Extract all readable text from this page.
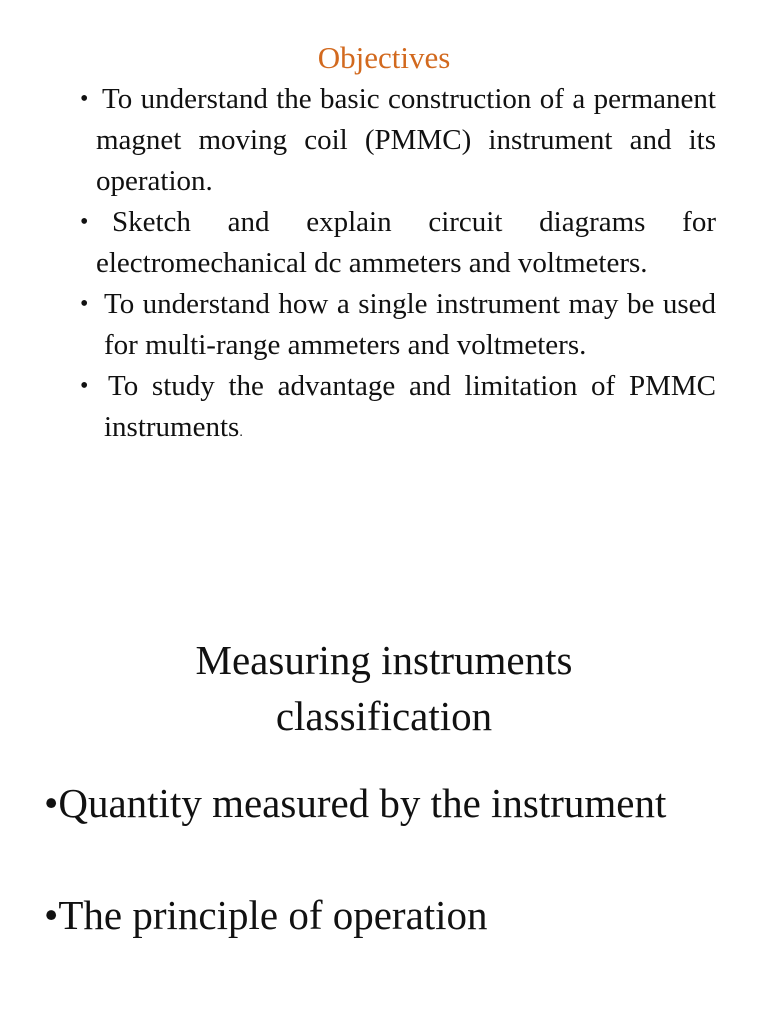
Objectives
• To understand the basic construction of a permanent magnet moving coil (PMMC) instrument and its operation.
• Sketch and explain circuit diagrams for electromechanical dc ammeters and voltmeters.
• To understand how a single instrument may be used for multi-range ammeters and voltmeters.
• To study the advantage and limitation of PMMC instruments.
Measuring instruments
classification
•Quantity measured by the instrument
•The principle of operation
